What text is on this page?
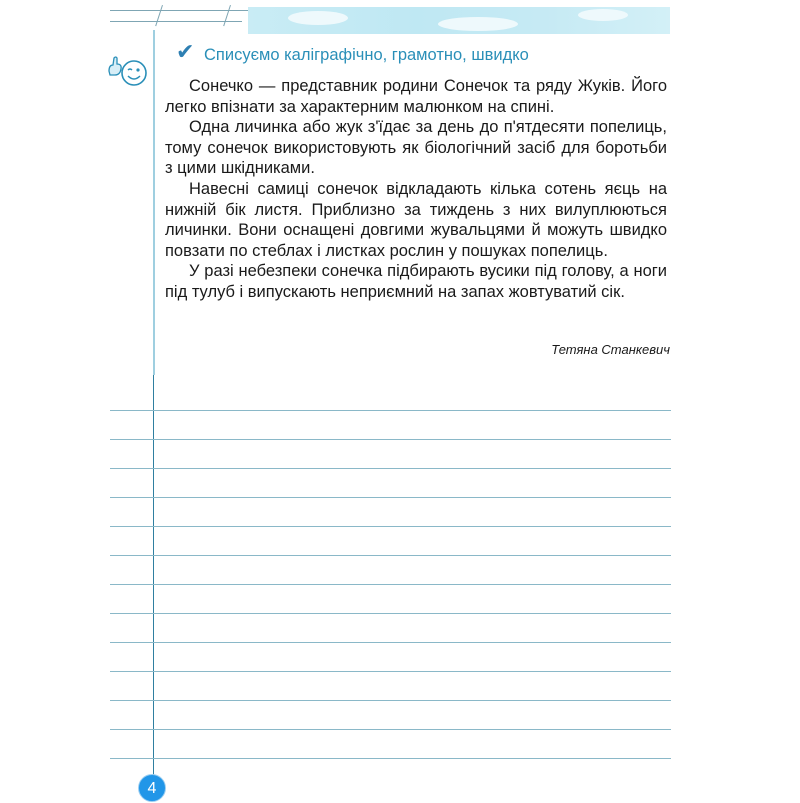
✔ Списуємо каліграфічно, грамотно, швидко

Сонечко — представник родини Сонечок та ряду Жуків. Його легко впізнати за характерним малюнком на спині.

Одна личинка або жук з'їдає за день до п'ятдесяти попелиць, тому сонечок використовують як біологічний засіб для боротьби з цими шкідниками.

Навесні самиці сонечок відкладають кілька сотень яєць на нижній бік листя. Приблизно за тиждень з них вилуплюються личинки. Вони оснащені довгими жувальцями й можуть швидко повзати по стеблах і листках рослин у пошуках попелиць.

У разі небезпеки сонечка підбирають вусики під голову, а ноги під тулуб і випускають неприємний на запах жовтуватий сік.

Тетяна Станкевич
4
